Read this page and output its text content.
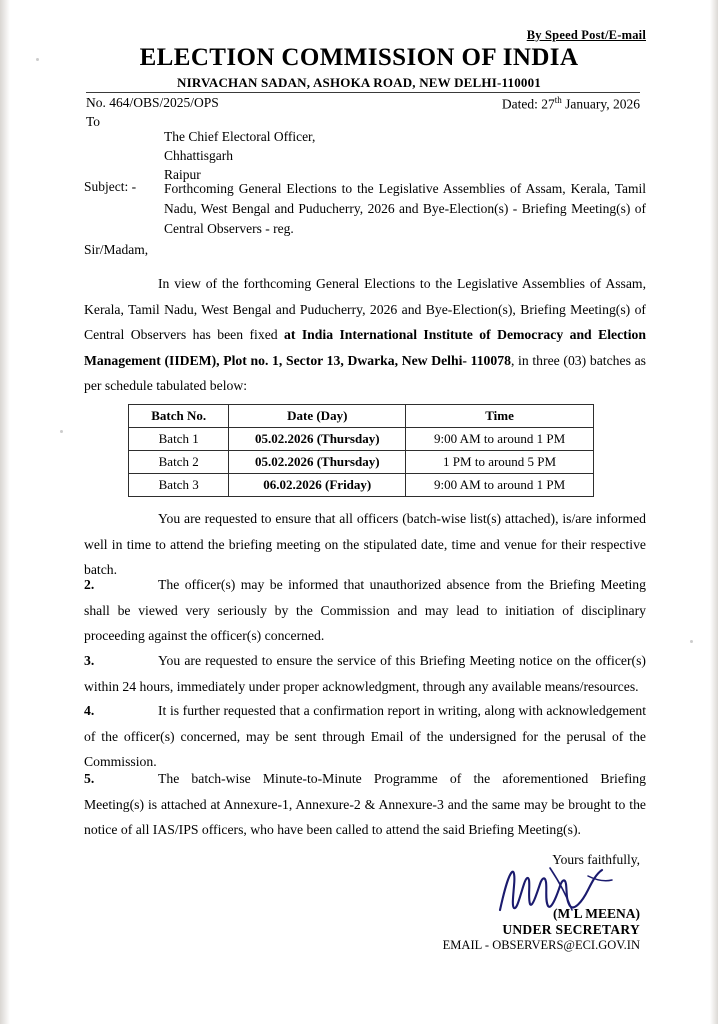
By Speed Post/E-mail
ELECTION COMMISSION OF INDIA
NIRVACHAN SADAN, ASHOKA ROAD, NEW DELHI-110001
No. 464/OBS/2025/OPS	Dated: 27th January, 2026
To
The Chief Electoral Officer,
Chhattisgarh
Raipur
Subject: - Forthcoming General Elections to the Legislative Assemblies of Assam, Kerala, Tamil Nadu, West Bengal and Puducherry, 2026 and Bye-Election(s) - Briefing Meeting(s) of Central Observers - reg.
Sir/Madam,
In view of the forthcoming General Elections to the Legislative Assemblies of Assam, Kerala, Tamil Nadu, West Bengal and Puducherry, 2026 and Bye-Election(s), Briefing Meeting(s) of Central Observers has been fixed at India International Institute of Democracy and Election Management (IIDEM), Plot no. 1, Sector 13, Dwarka, New Delhi- 110078, in three (03) batches as per schedule tabulated below:
Batch No.	Date (Day)	Time
Batch 1	05.02.2026 (Thursday)	9:00 AM to around 1 PM
Batch 2	05.02.2026 (Thursday)	1 PM to around 5 PM
Batch 3	06.02.2026 (Friday)	9:00 AM to around 1 PM
You are requested to ensure that all officers (batch-wise list(s) attached), is/are informed well in time to attend the briefing meeting on the stipulated date, time and venue for their respective batch.
2.	The officer(s) may be informed that unauthorized absence from the Briefing Meeting shall be viewed very seriously by the Commission and may lead to initiation of disciplinary proceeding against the officer(s) concerned.
3.	You are requested to ensure the service of this Briefing Meeting notice on the officer(s) within 24 hours, immediately under proper acknowledgment, through any available means/resources.
4.	It is further requested that a confirmation report in writing, along with acknowledgement of the officer(s) concerned, may be sent through Email of the undersigned for the perusal of the Commission.
5.	The batch-wise Minute-to-Minute Programme of the aforementioned Briefing Meeting(s) is attached at Annexure-1, Annexure-2 & Annexure-3 and the same may be brought to the notice of all IAS/IPS officers, who have been called to attend the said Briefing Meeting(s).
Yours faithfully,
(M L MEENA)
UNDER SECRETARY
EMAIL - OBSERVERS@ECI.GOV.IN
